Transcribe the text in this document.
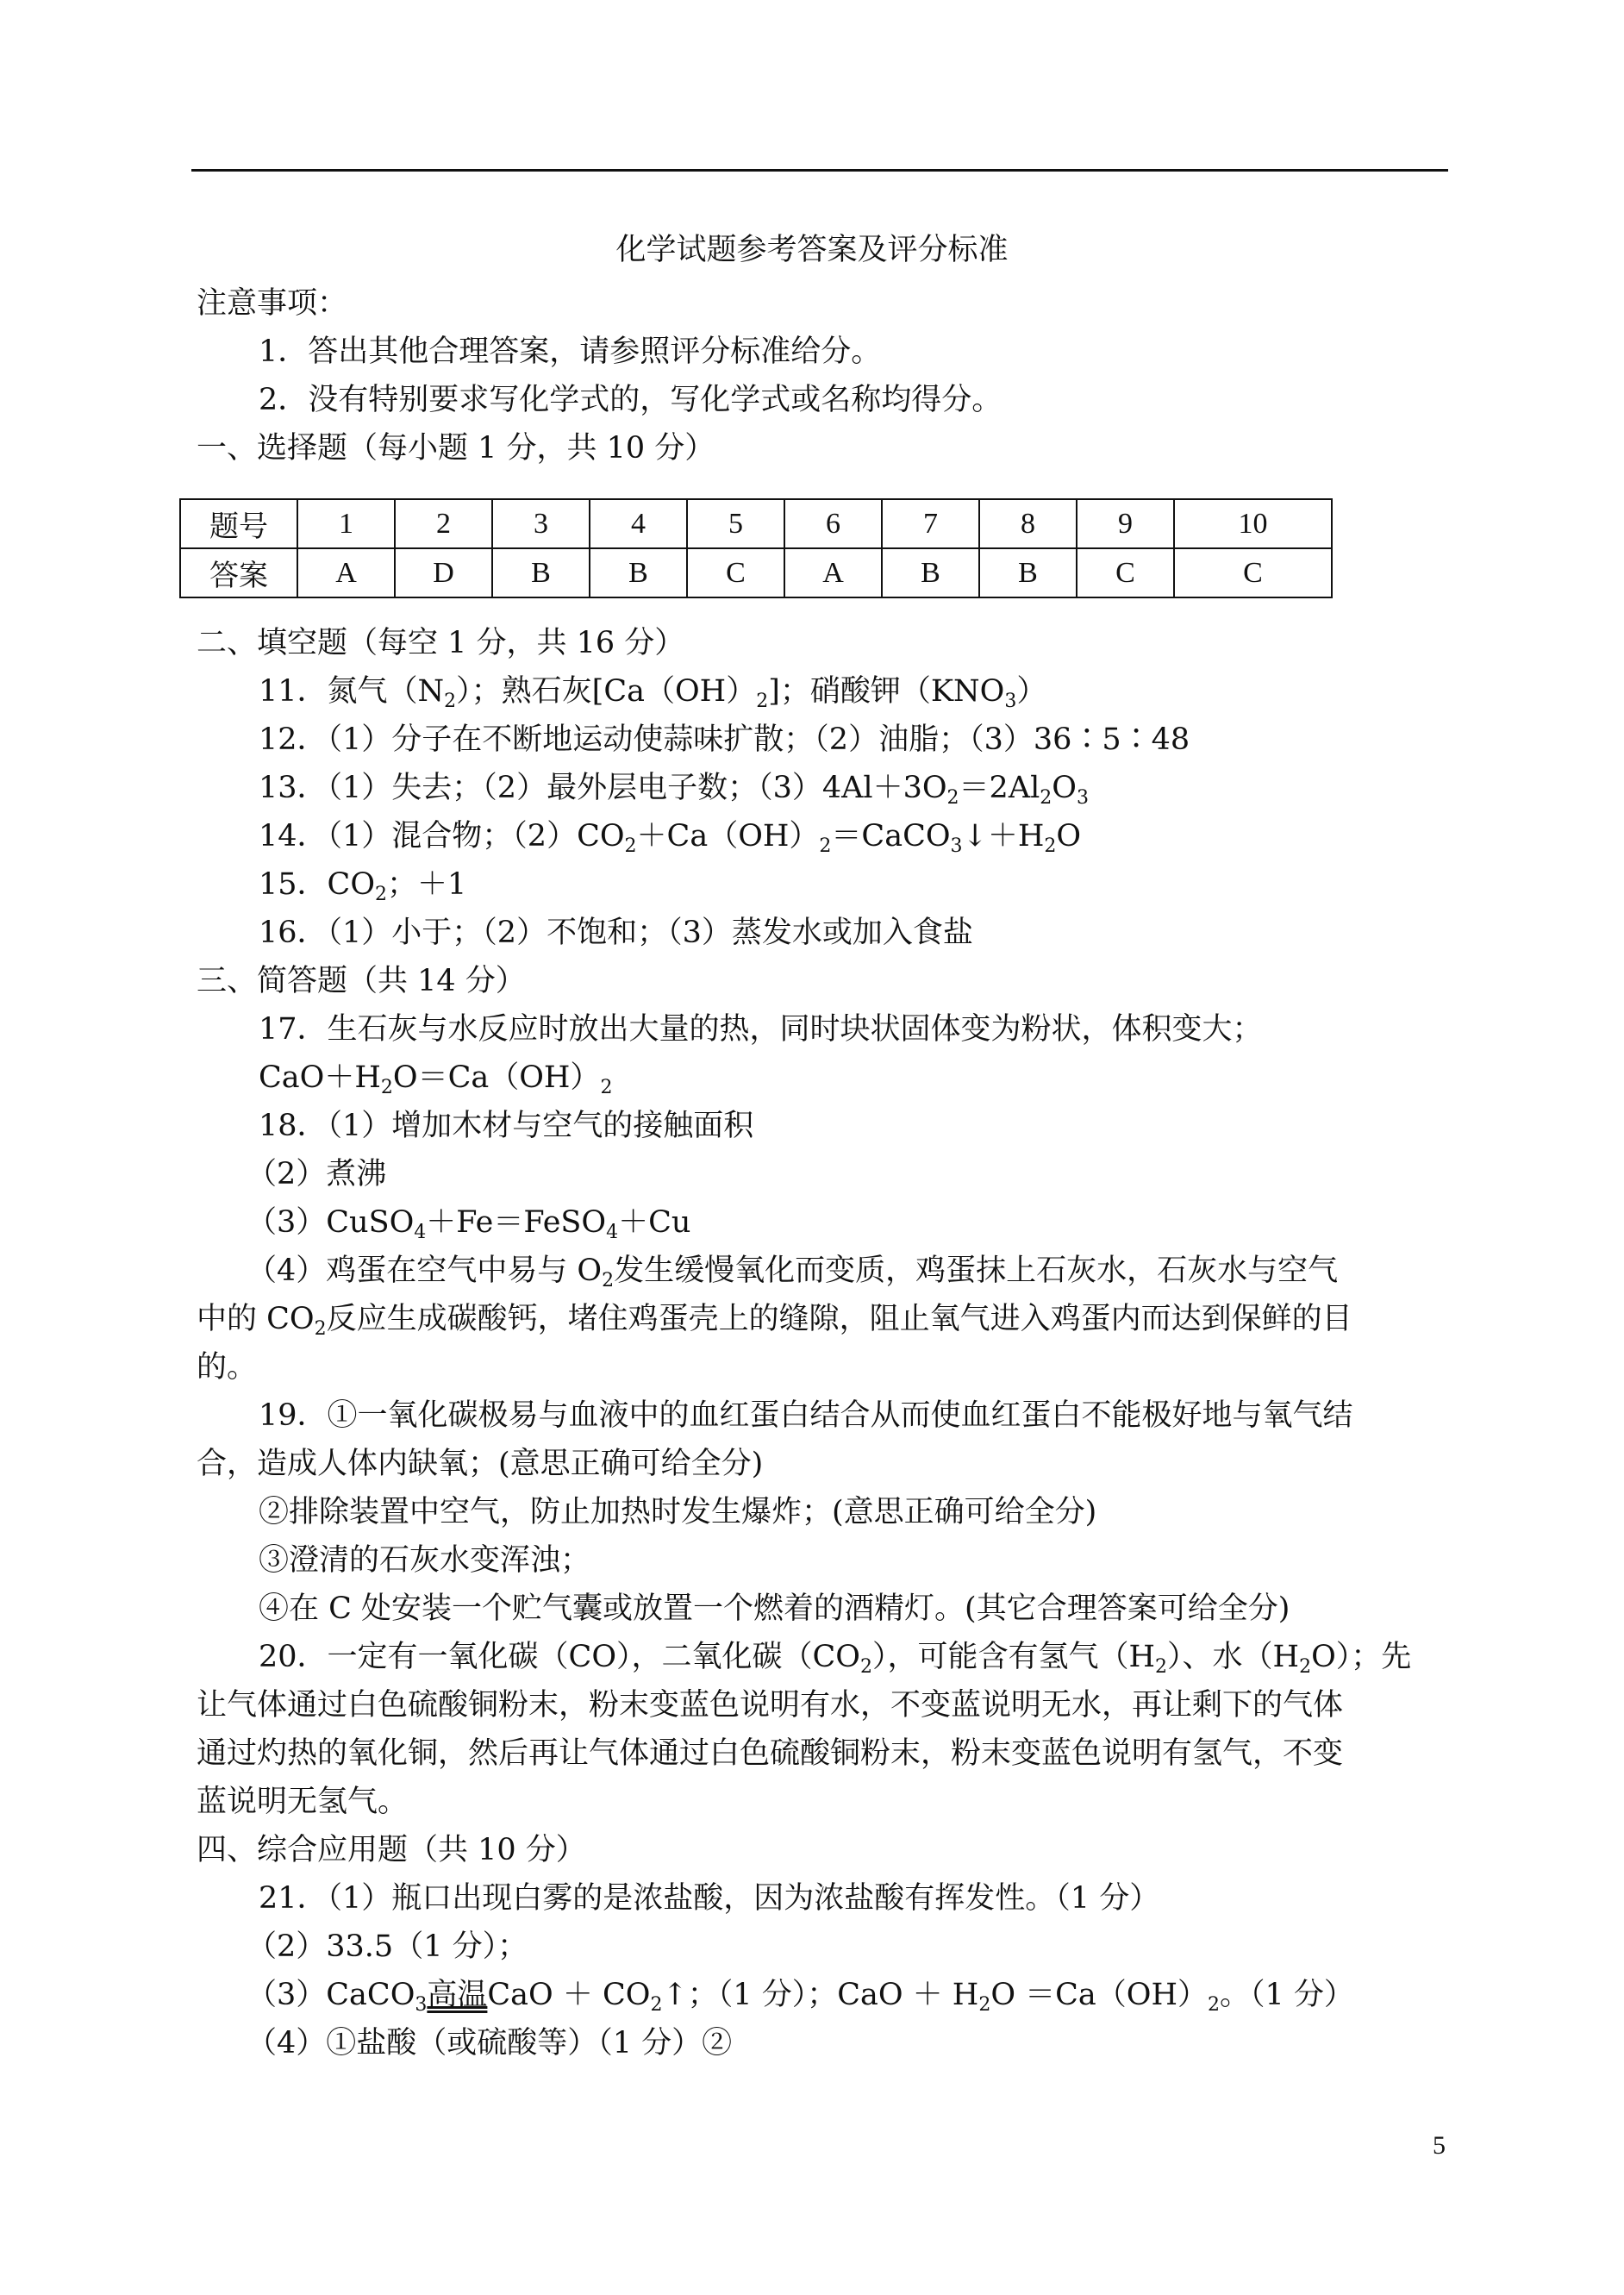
化学试题参考答案及评分标准
注意事项：
1．答出其他合理答案，请参照评分标准给分。
2．没有特别要求写化学式的，写化学式或名称均得分。
一、选择题（每小题 1 分，共 10 分）
题号	1	2	3	4	5	6	7	8	9	10
答案	A	D	B	B	C	A	B	B	C	C
二、填空题（每空 1 分，共 16 分）
11．氮气$(N_2)$；熟石灰$[Ca(OH)_2]$；硝酸钾$(KNO_3)$
12．（1）分子在不断地运动使蒜味扩散；（2）油脂；（3）36∶5∶48
13．（1）失去；（2）最外层电子数；$(3)4Al+3O_2=2Al_2O_3$
14．（1）混合物；$(2)CO_2+Ca(OH)_2=CaCO_3↓+H_2O$
15．$CO_2$；＋1
16．（1）小于；（2）不饱和；（3）蒸发水或加入食盐
三、简答题（共 14 分）
17．生石灰与水反应时放出大量的热，同时块状固体变为粉状，体积变大；
$CaO+H_2O=Ca(OH)_2$
18．（1）增加木材与空气的接触面积
（2）煮沸
（3）CuSO$_4$＋Fe＝FeSO$_4$＋Cu
（4）鸡蛋在空气中易与 $O_2$发生缓慢氧化而变质，鸡蛋抹上石灰水，石灰水与空气
中的 $CO_2$反应生成碳酸钙，堵住鸡蛋壳上的缝隙，阻止氧气进入鸡蛋内而达到保鲜的目
的。
19．①一氧化碳极易与血液中的血红蛋白结合从而使血红蛋白不能极好地与氧气结
合，造成人体内缺氧；(意思正确可给全分)
②排除装置中空气，防止加热时发生爆炸；(意思正确可给全分)
③澄清的石灰水变浑浊；
④在 C 处安装一个贮气囊或放置一个燃着的酒精灯。(其它合理答案可给全分)
20．一定有一氧化碳（CO），二氧化碳$(CO_2)$，可能含有氢气$(H_2)$、水$(H_2O)$；先
让气体通过白色硫酸铜粉末，粉末变蓝色说明有水，不变蓝说明无水，再让剩下的气体
通过灼热的氧化铜，然后再让气体通过白色硫酸铜粉末，粉末变蓝色说明有氢气，不变
蓝说明无氢气。
四、综合应用题（共 10 分）
21．（1）瓶口出现白雾的是浓盐酸，因为浓盐酸有挥发性。（1 分）
（2）33.5（1 分）；
（3）CaCO$_3$高温CaO ＋ $CO_2↑$；（1 分）；CaO ＋ $H_2O =Ca(OH)_2$。（1 分）
（4）①盐酸（或硫酸等）（1 分）②
5
